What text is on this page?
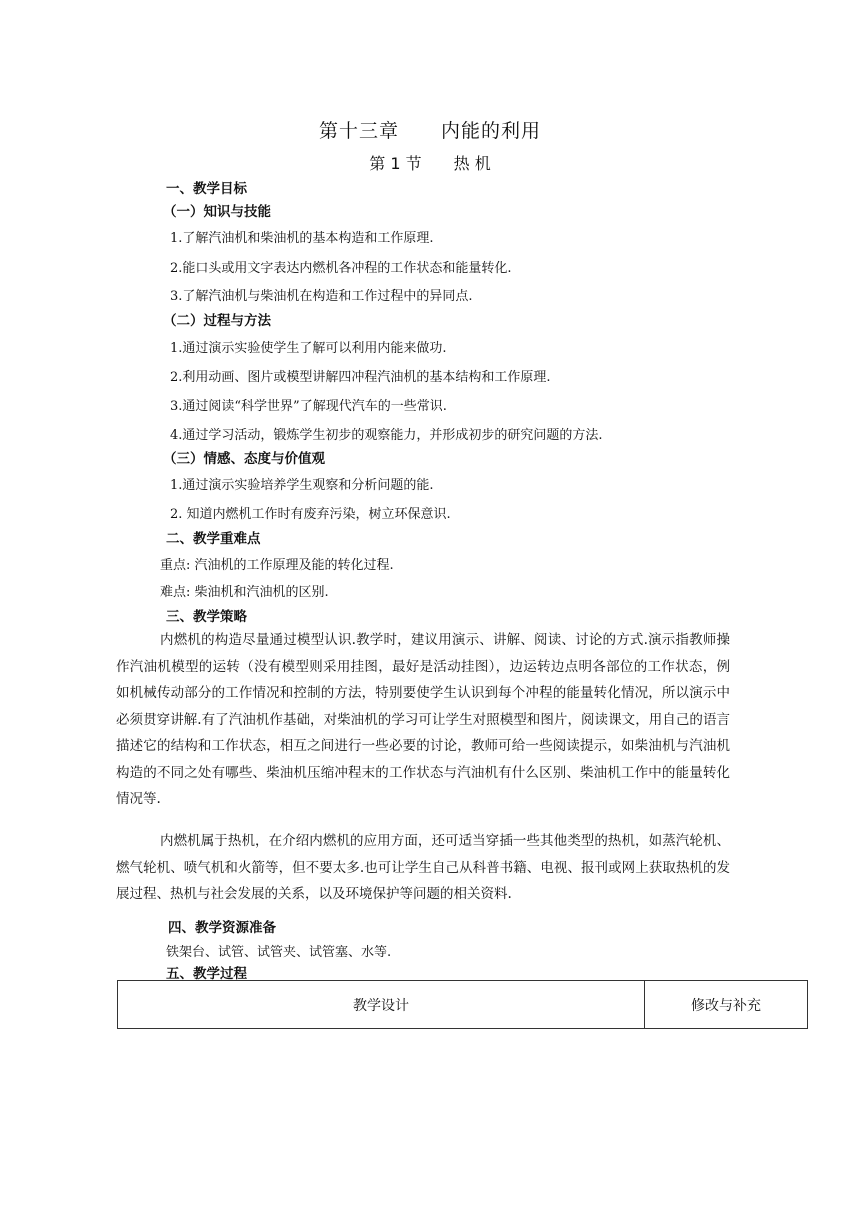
第十三章 内能的利用
第 1 节 热 机
一、教学目标
（一）知识与技能
1.了解汽油机和柴油机的基本构造和工作原理.
2.能口头或用文字表达内燃机各冲程的工作状态和能量转化.
3.了解汽油机与柴油机在构造和工作过程中的异同点.
（二）过程与方法
1.通过演示实验使学生了解可以利用内能来做功.
2.利用动画、图片或模型讲解四冲程汽油机的基本结构和工作原理.
3.通过阅读“科学世界”了解现代汽车的一些常识.
4.通过学习活动，锻炼学生初步的观察能力，并形成初步的研究问题的方法.
（三）情感、态度与价值观
1.通过演示实验培养学生观察和分析问题的能.
2. 知道内燃机工作时有废弃污染，树立环保意识.
二、教学重难点
重点: 汽油机的工作原理及能的转化过程.
难点: 柴油机和汽油机的区别.
三、教学策略
内燃机的构造尽量通过模型认识.教学时，建议用演示、讲解、阅读、讨论的方式.演示指教师操作汽油机模型的运转（没有模型则采用挂图，最好是活动挂图），边运转边点明各部位的工作状态，例如机械传动部分的工作情况和控制的方法，特别要使学生认识到每个冲程的能量转化情况，所以演示中必须贯穿讲解.有了汽油机作基础，对柴油机的学习可让学生对照模型和图片，阅读课文，用自己的语言描述它的结构和工作状态，相互之间进行一些必要的讨论，教师可给一些阅读提示，如柴油机与汽油机构造的不同之处有哪些、柴油机压缩冲程末的工作状态与汽油机有什么区别、柴油机工作中的能量转化情况等.
内燃机属于热机，在介绍内燃机的应用方面，还可适当穿插一些其他类型的热机，如蒸汽轮机、燃气轮机、喷气机和火箭等，但不要太多.也可让学生自己从科普书籍、电视、报刊或网上获取热机的发展过程、热机与社会发展的关系，以及环境保护等问题的相关资料.
四、教学资源准备
铁架台、试管、试管夹、试管塞、水等.
五、教学过程
教学设计	修改与补充
